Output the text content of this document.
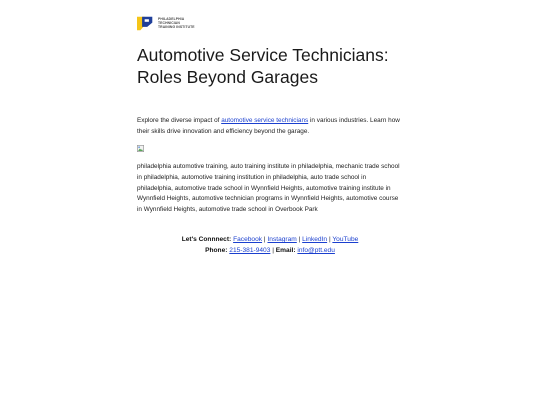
PHILADELPHIA
TECHNICIAN
TRAINING INSTITUTE
Automotive Service Technicians: Roles Beyond Garages

Explore the diverse impact of automotive service technicians in various industries. Learn how their skills drive innovation and efficiency beyond the garage.

philadelphia automotive training, auto training institute in philadelphia, mechanic trade school in philadelphia, automotive training institution in philadelphia, auto trade school in philadelphia, automotive trade school in Wynnfield Heights, automotive training institute in Wynnfield Heights, automotive technician programs in Wynnfield Heights, automotive course in Wynnfield Heights, automotive trade school in Overbook Park

Let's Connnect: Facebook | Instagram | LinkedIn | YouTube
Phone: 215-381-9403 | Email: info@ptt.edu
